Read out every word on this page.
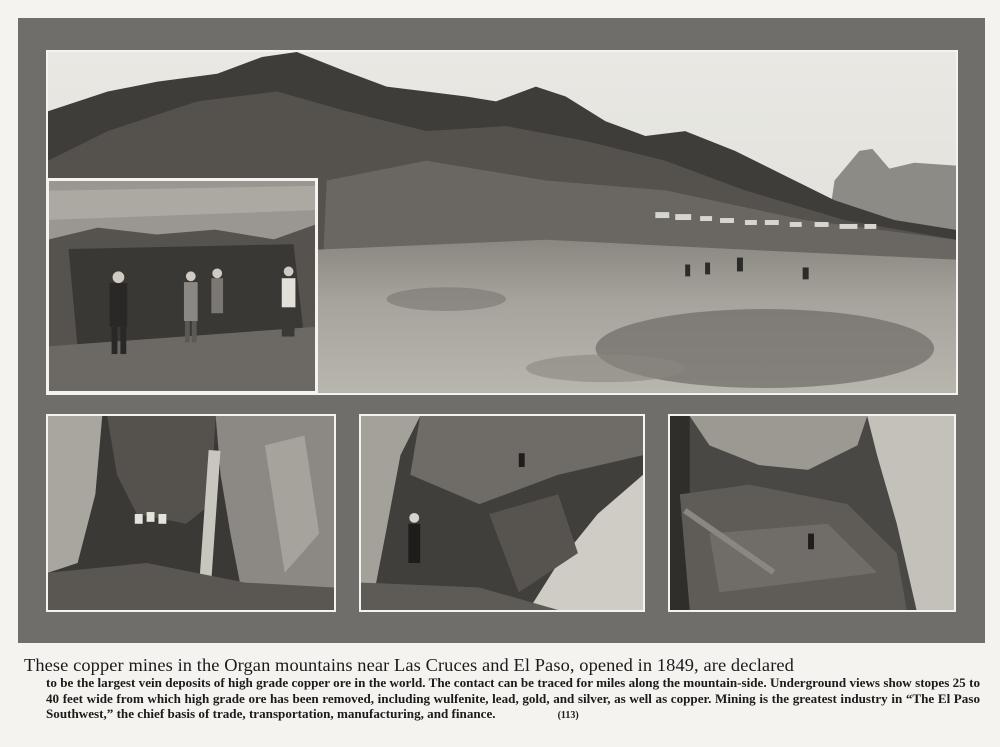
These copper mines in the Organ mountains near Las Cruces and El Paso, opened in 1849, are declared

to be the largest vein deposits of high grade copper ore in the world. The contact can be traced for miles along the mountain-side. Underground views show stopes 25 to 40 feet wide from which high grade ore has been removed, including wulfenite, lead, gold, and silver, as well as copper. Mining is the greatest industry in “The El Paso Southwest,” the chief basis of trade, transportation, manufacturing, and finance.	(113)
